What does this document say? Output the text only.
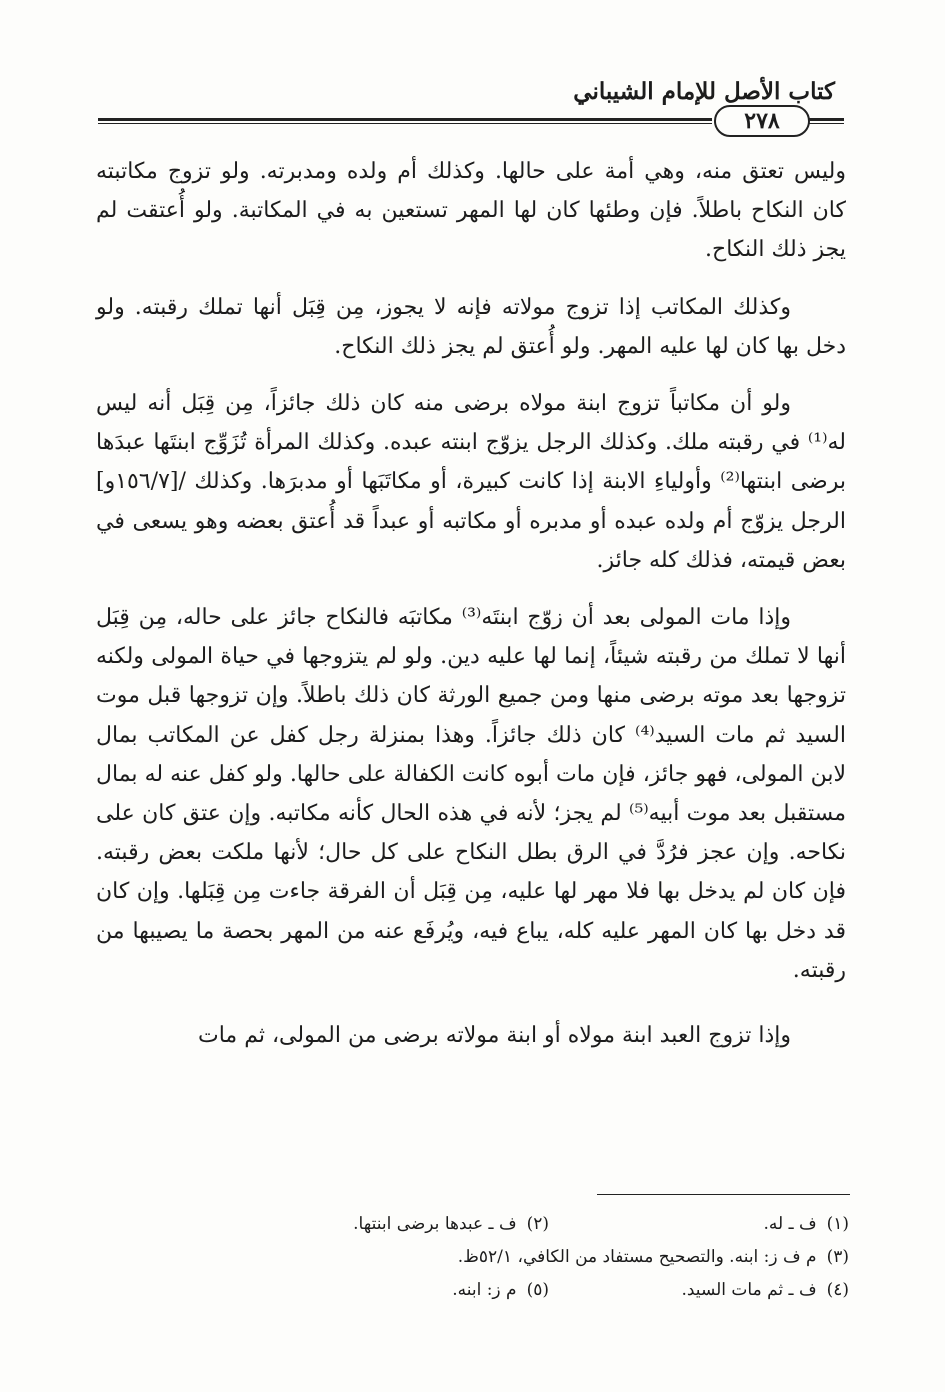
كتاب الأصل للإمام الشيباني
٢٧٨

وليس تعتق منه، وهي أمة على حالها. وكذلك أم ولده ومدبرته. ولو تزوج مكاتبته كان النكاح باطلاً. فإن وطئها كان لها المهر تستعين به في المكاتبة. ولو أُعتقت لم يجز ذلك النكاح.

وكذلك المكاتب إذا تزوج مولاته فإنه لا يجوز، مِن قِبَل أنها تملك رقبته. ولو دخل بها كان لها عليه المهر. ولو أُعتق لم يجز ذلك النكاح.

ولو أن مكاتباً تزوج ابنة مولاه برضى منه كان ذلك جائزاً، مِن قِبَل أنه ليس له⁽¹⁾ في رقبته ملك. وكذلك الرجل يزوّج ابنته عبده. وكذلك المرأة تُزَوِّج ابنتَها عبدَها برضى ابنتها⁽²⁾ وأولياءِ الابنة إذا كانت كبيرة، أو مكاتَبَها أو مدبرَها. وكذلك /[١٥٦/٧و] الرجل يزوّج أم ولده عبده أو مدبره أو مكاتبه أو عبداً قد أُعتق بعضه وهو يسعى في بعض قيمته، فذلك كله جائز.

وإذا مات المولى بعد أن زوّج ابنتَه⁽³⁾ مكاتبَه فالنكاح جائز على حاله، مِن قِبَل أنها لا تملك من رقبته شيئاً، إنما لها عليه دين. ولو لم يتزوجها في حياة المولى ولكنه تزوجها بعد موته برضى منها ومن جميع الورثة كان ذلك باطلاً. وإن تزوجها قبل موت السيد ثم مات السيد⁽⁴⁾ كان ذلك جائزاً. وهذا بمنزلة رجل كفل عن المكاتب بمال لابن المولى، فهو جائز، فإن مات أبوه كانت الكفالة على حالها. ولو كفل عنه له بمال مستقبل بعد موت أبيه⁽⁵⁾ لم يجز؛ لأنه في هذه الحال كأنه مكاتبه. وإن عتق كان على نكاحه. وإن عجز فرُدَّ في الرق بطل النكاح على كل حال؛ لأنها ملكت بعض رقبته. فإن كان لم يدخل بها فلا مهر لها عليه، مِن قِبَل أن الفرقة جاءت مِن قِبَلها. وإن كان قد دخل بها كان المهر عليه كله، يباع فيه، ويُرفَع عنه من المهر بحصة ما يصيبها من رقبته.

وإذا تزوج العبد ابنة مولاه أو ابنة مولاته برضى من المولى، ثم مات

(١)ف ـ له.
(٢)ف ـ عبدها برضى ابنتها.
(٣)م ف ز: ابنه. والتصحيح مستفاد من الكافي، ٥٢/١ظ.
(٤)ف ـ ثم مات السيد.
(٥)م ز: ابنه.
